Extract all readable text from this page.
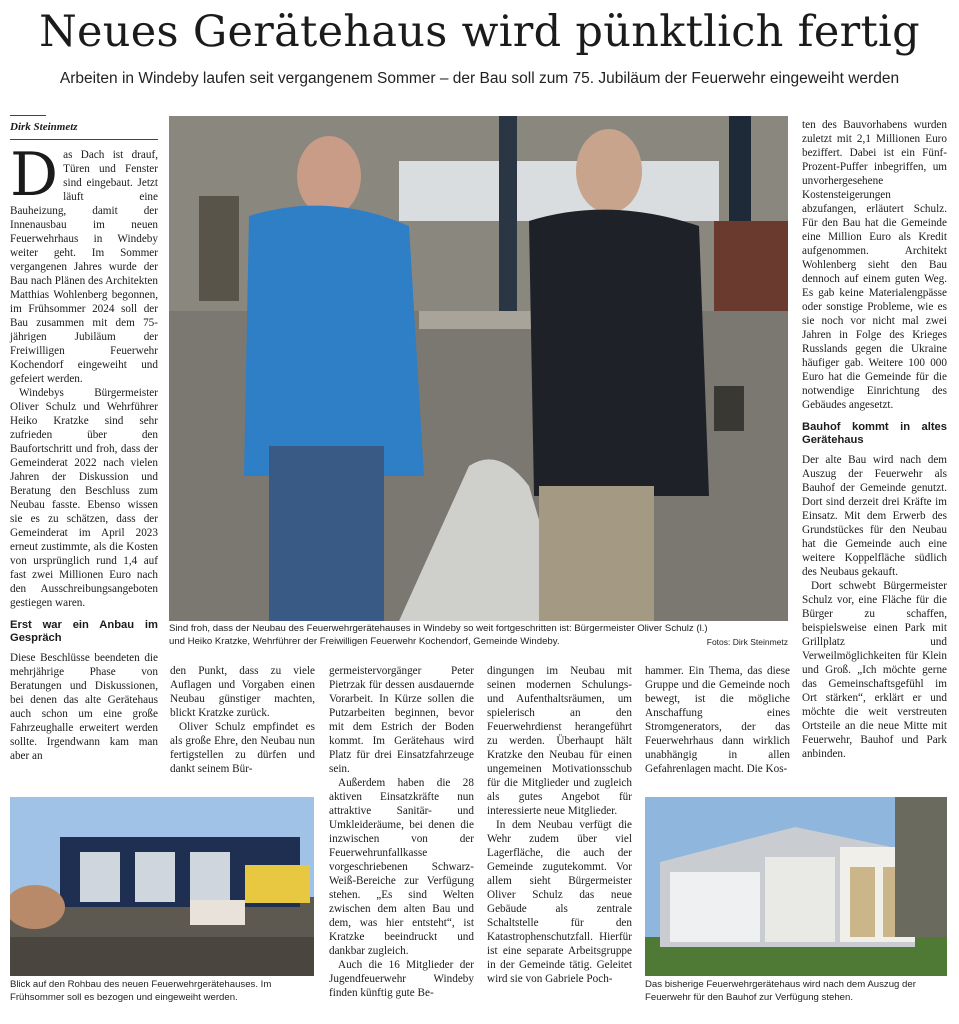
Neues Gerätehaus wird pünktlich fertig

Arbeiten in Windeby laufen seit vergangenem Sommer – der Bau soll zum 75. Jubiläum der Feuerwehr eingeweiht werden

Dirk Steinmetz

Das Dach ist drauf, Türen und Fenster sind eingebaut. Jetzt läuft eine Bauheizung, damit der Innenausbau im neuen Feuerwehrhaus in Windeby weiter geht. Im Sommer vergangenen Jahres wurde der Bau nach Plänen des Architekten Matthias Wohlenberg begonnen, im Frühsommer 2024 soll der Bau zusammen mit dem 75-jährigen Jubiläum der Freiwilligen Feuerwehr Kochendorf eingeweiht und gefeiert werden.

Windebys Bürgermeister Oliver Schulz und Wehrführer Heiko Kratzke sind sehr zufrieden über den Baufortschritt und froh, dass der Gemeinderat 2022 nach vielen Jahren der Diskussion und Beratung den Beschluss zum Neubau fasste. Ebenso wissen sie es zu schätzen, dass der Gemeinderat im April 2023 erneut zustimmte, als die Kosten von ursprünglich rund 1,4 auf fast zwei Millionen Euro nach den Ausschreibungsangeboten gestiegen waren.

Erst war ein Anbau im Gespräch

Diese Beschlüsse beendeten die mehrjährige Phase von Beratungen und Diskussionen, bei denen das alte Gerätehaus auch schon um eine große Fahrzeughalle erweitert werden sollte. Irgendwann kam man aber an

Sind froh, dass der Neubau des Feuerwehrgerätehauses in Windeby so weit fortgeschritten ist: Bürgermeister Oliver Schulz (l.) und Heiko Kratzke, Wehrführer der Freiwilligen Feuerwehr Kochendorf, Gemeinde Windeby.	Fotos: Dirk Steinmetz

ten des Bauvorhabens wurden zuletzt mit 2,1 Millionen Euro beziffert. Dabei ist ein Fünf-Prozent-Puffer inbegriffen, um unvorhergesehene Kostensteigerungen abzufangen, erläutert Schulz. Für den Bau hat die Gemeinde eine Million Euro als Kredit aufgenommen. Architekt Wohlenberg sieht den Bau dennoch auf einem guten Weg. Es gab keine Materialengpässe oder sonstige Probleme, wie es sie noch vor nicht mal zwei Jahren in Folge des Krieges Russlands gegen die Ukraine häufiger gab. Weitere 100 000 Euro hat die Gemeinde für die notwendige Einrichtung des Gebäudes angesetzt.

Bauhof kommt in altes Gerätehaus

Der alte Bau wird nach dem Auszug der Feuerwehr als Bauhof der Gemeinde genutzt. Dort sind derzeit drei Kräfte im Einsatz. Mit dem Erwerb des Grundstückes für den Neubau hat die Gemeinde auch eine weitere Koppelfläche südlich des Neubaus gekauft.

Dort schwebt Bürgermeister Schulz vor, eine Fläche für die Bürger zu schaffen, beispielsweise einen Park mit Grillplatz und Verweilmöglichkeiten für Klein und Groß. „Ich möchte gerne das Gemeinschaftsgefühl im Ort stärken“, erklärt er und möchte die weit verstreuten Ortsteile an die neue Mitte mit Feuerwehr, Bauhof und Park anbinden.

den Punkt, dass zu viele Auflagen und Vorgaben einen Neubau günstiger machten, blickt Kratzke zurück.

Oliver Schulz empfindet es als große Ehre, den Neubau nun fertigstellen zu dürfen und dankt seinem Bür-

germeistervorgänger Peter Pietrzak für dessen ausdauernde Vorarbeit. In Kürze sollen die Putzarbeiten beginnen, bevor mit dem Estrich der Boden kommt. Im Gerätehaus wird Platz für drei Einsatzfahrzeuge sein.

Außerdem haben die 28 aktiven Einsatzkräfte nun attraktive Sanitär- und Umkleideräume, bei denen die inzwischen von der Feuerwehrunfallkasse vorgeschriebenen Schwarz-Weiß-Bereiche zur Verfügung stehen. „Es sind Welten zwischen dem alten Bau und dem, was hier entsteht“, ist Kratzke beeindruckt und dankbar zugleich.

Auch die 16 Mitglieder der Jugendfeuerwehr Windeby finden künftig gute Be-

dingungen im Neubau mit seinen modernen Schulungs- und Aufenthaltsräumen, um spielerisch an den Feuerwehrdienst herangeführt zu werden. Überhaupt hält Kratzke den Neubau für einen ungemeinen Motivationsschub für die Mitglieder und zugleich als gutes Angebot für interessierte neue Mitglieder.

In dem Neubau verfügt die Wehr zudem über viel Lagerfläche, die auch der Gemeinde zugutekommt. Vor allem sieht Bürgermeister Oliver Schulz das neue Gebäude als zentrale Schaltstelle für den Katastrophenschutzfall. Hierfür ist eine separate Arbeitsgruppe in der Gemeinde tätig. Geleitet wird sie von Gabriele Poch-

hammer. Ein Thema, das diese Gruppe und die Gemeinde noch bewegt, ist die mögliche Anschaffung eines Stromgenerators, der das Feuerwehrhaus dann wirklich unabhängig in allen Gefahrenlagen macht. Die Kos-

Blick auf den Rohbau des neuen Feuerwehrgerätehauses. Im Frühsommer soll es bezogen und eingeweiht werden.
Das bisherige Feuerwehrgerätehaus wird nach dem Auszug der Feuerwehr für den Bauhof zur Verfügung stehen.
